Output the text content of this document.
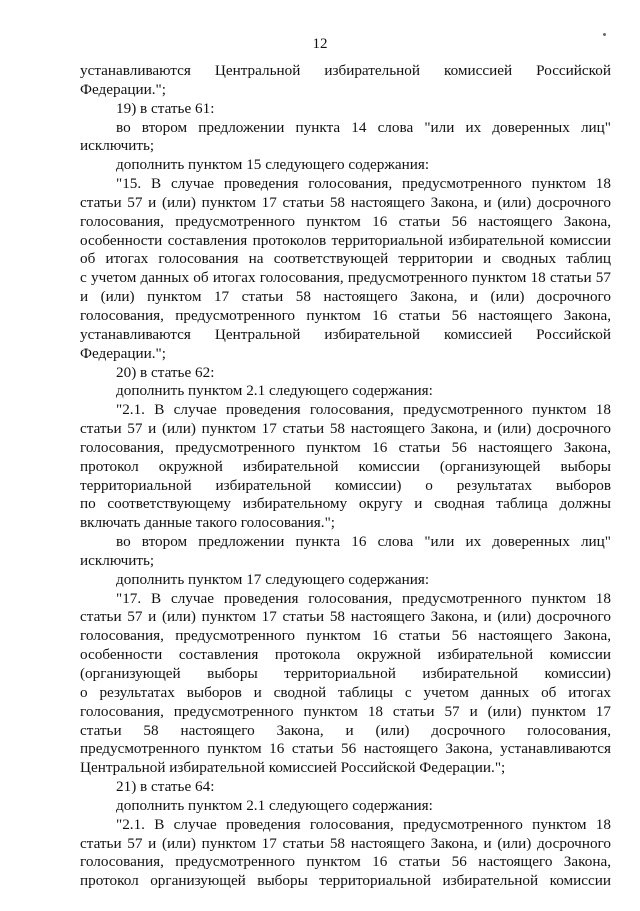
12

устанавливаются Центральной избирательной комиссией Российской

Федерации.";

19) в статье 61:

во втором предложении пункта 14 слова "или их доверенных лиц"

исключить;

дополнить пунктом 15 следующего содержания:

"15. В случае проведения голосования, предусмотренного пунктом 18

статьи 57 и (или) пунктом 17 статьи 58 настоящего Закона, и (или) досрочного

голосования, предусмотренного пунктом 16 статьи 56 настоящего Закона,

особенности составления протоколов территориальной избирательной комиссии

об итогах голосования на соответствующей территории и сводных таблиц

с учетом данных об итогах голосования, предусмотренного пунктом 18 статьи 57

и (или) пунктом 17 статьи 58 настоящего Закона, и (или) досрочного

голосования, предусмотренного пунктом 16 статьи 56 настоящего Закона,

устанавливаются Центральной избирательной комиссией Российской

Федерации.";

20) в статье 62:

дополнить пунктом 2.1 следующего содержания:

"2.1. В случае проведения голосования, предусмотренного пунктом 18

статьи 57 и (или) пунктом 17 статьи 58 настоящего Закона, и (или) досрочного

голосования, предусмотренного пунктом 16 статьи 56 настоящего Закона,

протокол окружной избирательной комиссии (организующей выборы

территориальной избирательной комиссии) о результатах выборов

по соответствующему избирательному округу и сводная таблица должны

включать данные такого голосования.";

во втором предложении пункта 16 слова "или их доверенных лиц"

исключить;

дополнить пунктом 17 следующего содержания:

"17. В случае проведения голосования, предусмотренного пунктом 18

статьи 57 и (или) пунктом 17 статьи 58 настоящего Закона, и (или) досрочного

голосования, предусмотренного пунктом 16 статьи 56 настоящего Закона,

особенности составления протокола окружной избирательной комиссии

(организующей выборы территориальной избирательной комиссии)

о результатах выборов и сводной таблицы с учетом данных об итогах

голосования, предусмотренного пунктом 18 статьи 57 и (или) пунктом 17

статьи 58 настоящего Закона, и (или) досрочного голосования,

предусмотренного пунктом 16 статьи 56 настоящего Закона, устанавливаются

Центральной избирательной комиссией Российской Федерации.";

21) в статье 64:

дополнить пунктом 2.1 следующего содержания:

"2.1. В случае проведения голосования, предусмотренного пунктом 18

статьи 57 и (или) пунктом 17 статьи 58 настоящего Закона, и (или) досрочного

голосования, предусмотренного пунктом 16 статьи 56 настоящего Закона,

протокол организующей выборы территориальной избирательной комиссии
